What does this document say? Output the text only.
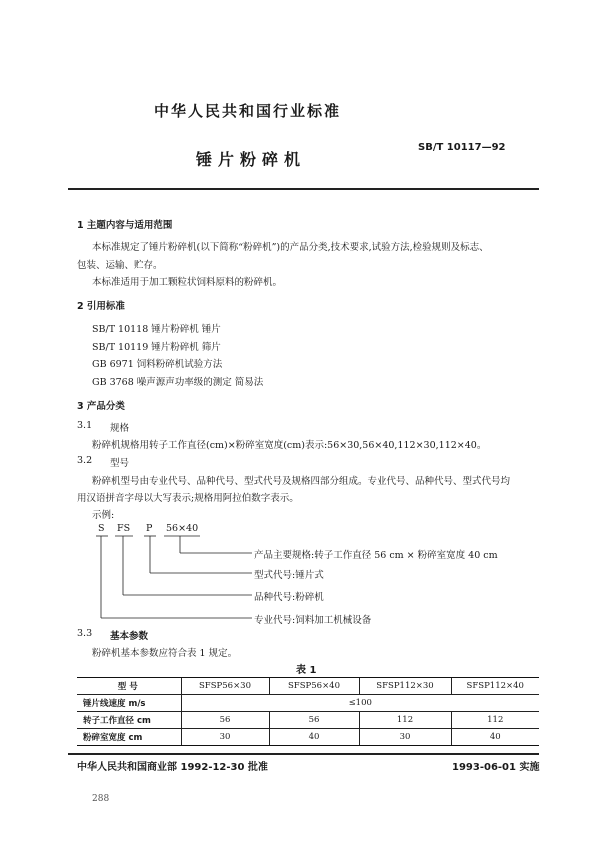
中华人民共和国行业标准
锤片粉碎机
SB/T 10117—92
1 主题内容与适用范围
本标准规定了锤片粉碎机(以下简称“粉碎机”)的产品分类,技术要求,试验方法,检验规则及标志、
包装、运输、贮存。
本标准适用于加工颗粒状饲料原料的粉碎机。
2 引用标准
SB/T 10118 锤片粉碎机 锤片
SB/T 10119 锤片粉碎机 筛片
GB 6971 饲料粉碎机试验方法
GB 3768 噪声源声功率级的测定 简易法
3 产品分类
3.1 规格
粉碎机规格用转子工作直径(cm)×粉碎室宽度(cm)表示:56×30,56×40,112×30,112×40。
3.2 型号
粉碎机型号由专业代号、品种代号、型式代号及规格四部分组成。专业代号、品种代号、型式代号均
用汉语拼音字母以大写表示;规格用阿拉伯数字表示。
示例:
S FS P 56×40
产品主要规格:转子工作直径 56 cm × 粉碎室宽度 40 cm
型式代号:锤片式
品种代号:粉碎机
专业代号:饲料加工机械设备
3.3 基本参数
粉碎机基本参数应符合表 1 规定。
表 1
型 号	SFSP56×30	SFSP56×40	SFSP112×30	SFSP112×40
锤片线速度 m/s	≤100			
转子工作直径 cm	56	56	112	112
粉碎室宽度 cm	30	40	30	40
中华人民共和国商业部 1992-12-30 批准	1993-06-01 实施
288
